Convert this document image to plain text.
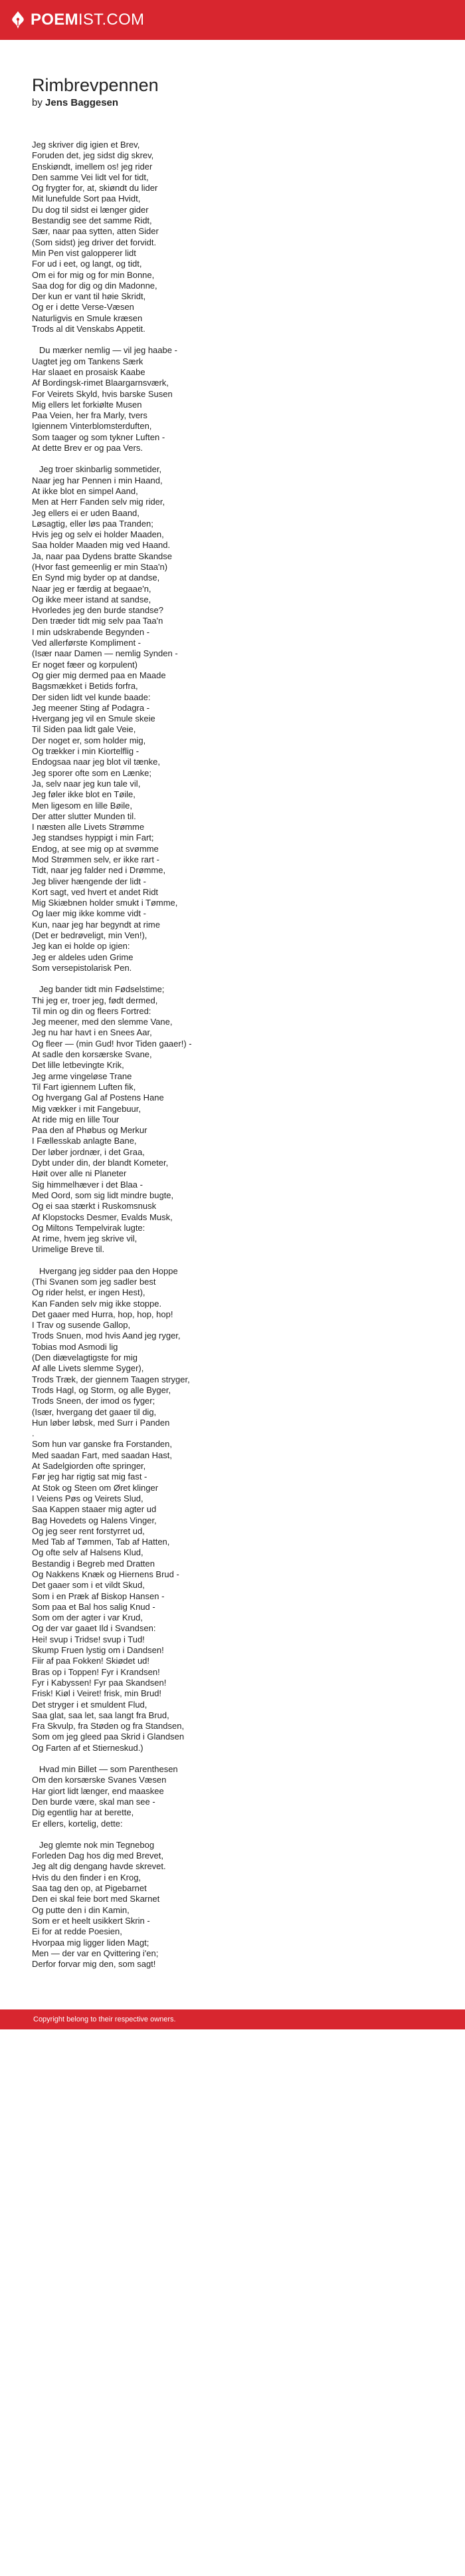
POEM IST.COM
Rimbrevpennen
by Jens Baggesen
Jeg skriver dig igien et Brev,
Foruden det, jeg sidst dig skrev,
Enskiøndt, imellem os! jeg rider
Den samme Vei lidt vel for tidt,
Og frygter for, at, skiøndt du lider
Mit lunefulde Sort paa Hvidt,
Du dog til sidst ei længer gider
Bestandig see det samme Ridt,
Sær, naar paa sytten, atten Sider
(Som sidst) jeg driver det forvidt.
Min Pen vist galopperer lidt
For ud i eet, og langt, og tidt,
Om ei for mig og for min Bonne,
Saa dog for dig og din Madonne,
Der kun er vant til høie Skridt,
Og er i dette Verse-Væsen
Naturligvis en Smule kræsen
Trods al dit Venskabs Appetit.
Du mærker nemlig — vil jeg haabe -
Uagtet jeg om Tankens Særk
Har slaaet en prosaisk Kaabe
Af Bordingsk-rimet Blaargarnsværk,
For Veirets Skyld, hvis barske Susen
Mig ellers let forkiølte Musen
Paa Veien, her fra Marly, tvers
Igiennem Vinterblomsterduften,
Som taager og som tykner Luften -
At dette Brev er og paa Vers.
Jeg troer skinbarlig sommetider,
Naar jeg har Pennen i min Haand,
At ikke blot en simpel Aand,
Men at Herr Fanden selv mig rider,
Jeg ellers ei er uden Baand,
Løsagtig, eller løs paa Tranden;
Hvis jeg og selv ei holder Maaden,
Saa holder Maaden mig ved Haand.
Ja, naar paa Dydens bratte Skandse
(Hvor fast gemeenlig er min Staa'n)
En Synd mig byder op at dandse,
Naar jeg er færdig at begaae'n,
Og ikke meer istand at sandse,
Hvorledes jeg den burde standse?
Den træder tidt mig selv paa Taa'n
I min udskrabende Begynden -
Ved allerførste Kompliment -
(Især naar Damen — nemlig Synden -
Er noget fæer og korpulent)
Og gier mig dermed paa en Maade
Bagsmækket i Betids forfra,
Der siden lidt vel kunde baade:
Jeg meener Sting af Podagra -
Hvergang jeg vil en Smule skeie
Til Siden paa lidt gale Veie,
Der noget er, som holder mig,
Og trækker i min Kiortelflig -
Endogsaa naar jeg blot vil tænke,
Jeg sporer ofte som en Lænke;
Ja, selv naar jeg kun tale vil,
Jeg føler ikke blot en Tøile,
Men ligesom en lille Bøile,
Der atter slutter Munden til.
I næsten alle Livets Strømme
Jeg standses hyppigt i min Fart;
Endog, at see mig op at svømme
Mod Strømmen selv, er ikke rart -
Tidt, naar jeg falder ned i Drømme,
Jeg bliver hængende der lidt -
Kort sagt, ved hvert et andet Ridt
Mig Skiæbnen holder smukt i Tømme,
Og laer mig ikke komme vidt -
Kun, naar jeg har begyndt at rime
(Det er bedrøveligt, min Ven!),
Jeg kan ei holde op igien:
Jeg er aldeles uden Grime
Som versepistolarisk Pen.
Jeg bander tidt min Fødselstime;
Thi jeg er, troer jeg, født dermed,
Til min og din og fleers Fortred:
Jeg meener, med den slemme Vane,
Jeg nu har havt i en Snees Aar,
Og fleer — (min Gud! hvor Tiden gaaer!) -
At sadle den korsærske Svane,
Det lille letbevingte Krik,
Jeg arme vingeløse Trane
Til Fart igiennem Luften fik,
Og hvergang Gal af Postens Hane
Mig vækker i mit Fangebuur,
At ride mig en lille Tour
Paa den af Phøbus og Merkur
I Fællesskab anlagte Bane,
Der løber jordnær, i det Graa,
Dybt under din, der blandt Kometer,
Høit over alle ni Planeter
Sig himmelhæver i det Blaa -
Med Oord, som sig lidt mindre bugte,
Og ei saa stærkt i Ruskomsnusk
Af Klopstocks Desmer, Evalds Musk,
Og Miltons Tempelvirak lugte:
At rime, hvem jeg skrive vil,
Urimelige Breve til.
Hvergang jeg sidder paa den Hoppe
(Thi Svanen som jeg sadler best
Og rider helst, er ingen Hest),
Kan Fanden selv mig ikke stoppe.
Det gaaer med Hurra, hop, hop, hop!
I Trav og susende Gallop,
Trods Snuen, mod hvis Aand jeg ryger,
Tobias mod Asmodi lig
(Den diævelagtigste for mig
Af alle Livets slemme Syger),
Trods Træk, der giennem Taagen stryger,
Trods Hagl, og Storm, og alle Byger,
Trods Sneen, der imod os fyger;
(Især, hvergang det gaaer til dig,
Hun løber løbsk, med Surr i Panden
.
Som hun var ganske fra Forstanden,
Med saadan Fart, med saadan Hast,
At Sadelgiorden ofte springer,
Før jeg har rigtig sat mig fast -
At Stok og Steen om Øret klinger
I Veiens Pøs og Veirets Slud,
Saa Kappen staaer mig agter ud
Bag Hovedets og Halens Vinger,
Og jeg seer rent forstyrret ud,
Med Tab af Tømmen, Tab af Hatten,
Og ofte selv af Halsens Klud,
Bestandig i Begreb med Dratten
Og Nakkens Knæk og Hiernens Brud -
Det gaaer som i et vildt Skud,
Som i en Præk af Biskop Hansen -
Som paa et Bal hos salig Knud -
Som om der agter i var Krud,
Og der var gaaet Ild i Svandsen:
Hei! svup i Tridse! svup i Tud!
Skump Fruen lystig om i Dandsen!
Fiir af paa Fokken! Skiødet ud!
Bras op i Toppen! Fyr i Krandsen!
Fyr i Kabyssen! Fyr paa Skandsen!
Frisk! Kiøl i Veiret! frisk, min Brud!
Det strygеr i et smuldent Flud,
Saa glat, saa let, saa langt fra Brud,
Fra Skvulp, fra Støden og fra Standsen,
Som om jeg gleed paa Skrid i Glandsen
Og Farten af et Stierneskud.)
Hvad min Billet — som Parenthesen
Om den korsærske Svanes Væsen
Har giort lidt længer, end maaskee
Den burde være, skal man see -
Dig egentlig har at berette,
Er ellers, kortelig, dette:
Jeg glemte nok min Tegnebog
Forleden Dag hos dig med Brevet,
Jeg alt dig dengang havde skrevet.
Hvis du den finder i en Krog,
Saa tag den op, at Pigebarnet
Den ei skal feie bort med Skarnet
Og putte den i din Kamin,
Som er et heelt usikkert Skrin -
Ei for at redde Poesien,
Hvorpaa mig ligger liden Magt;
Men — der var en Qvittering i'en;
Derfor forvar mig den, som sagt!
Copyright belong to their respective owners.
